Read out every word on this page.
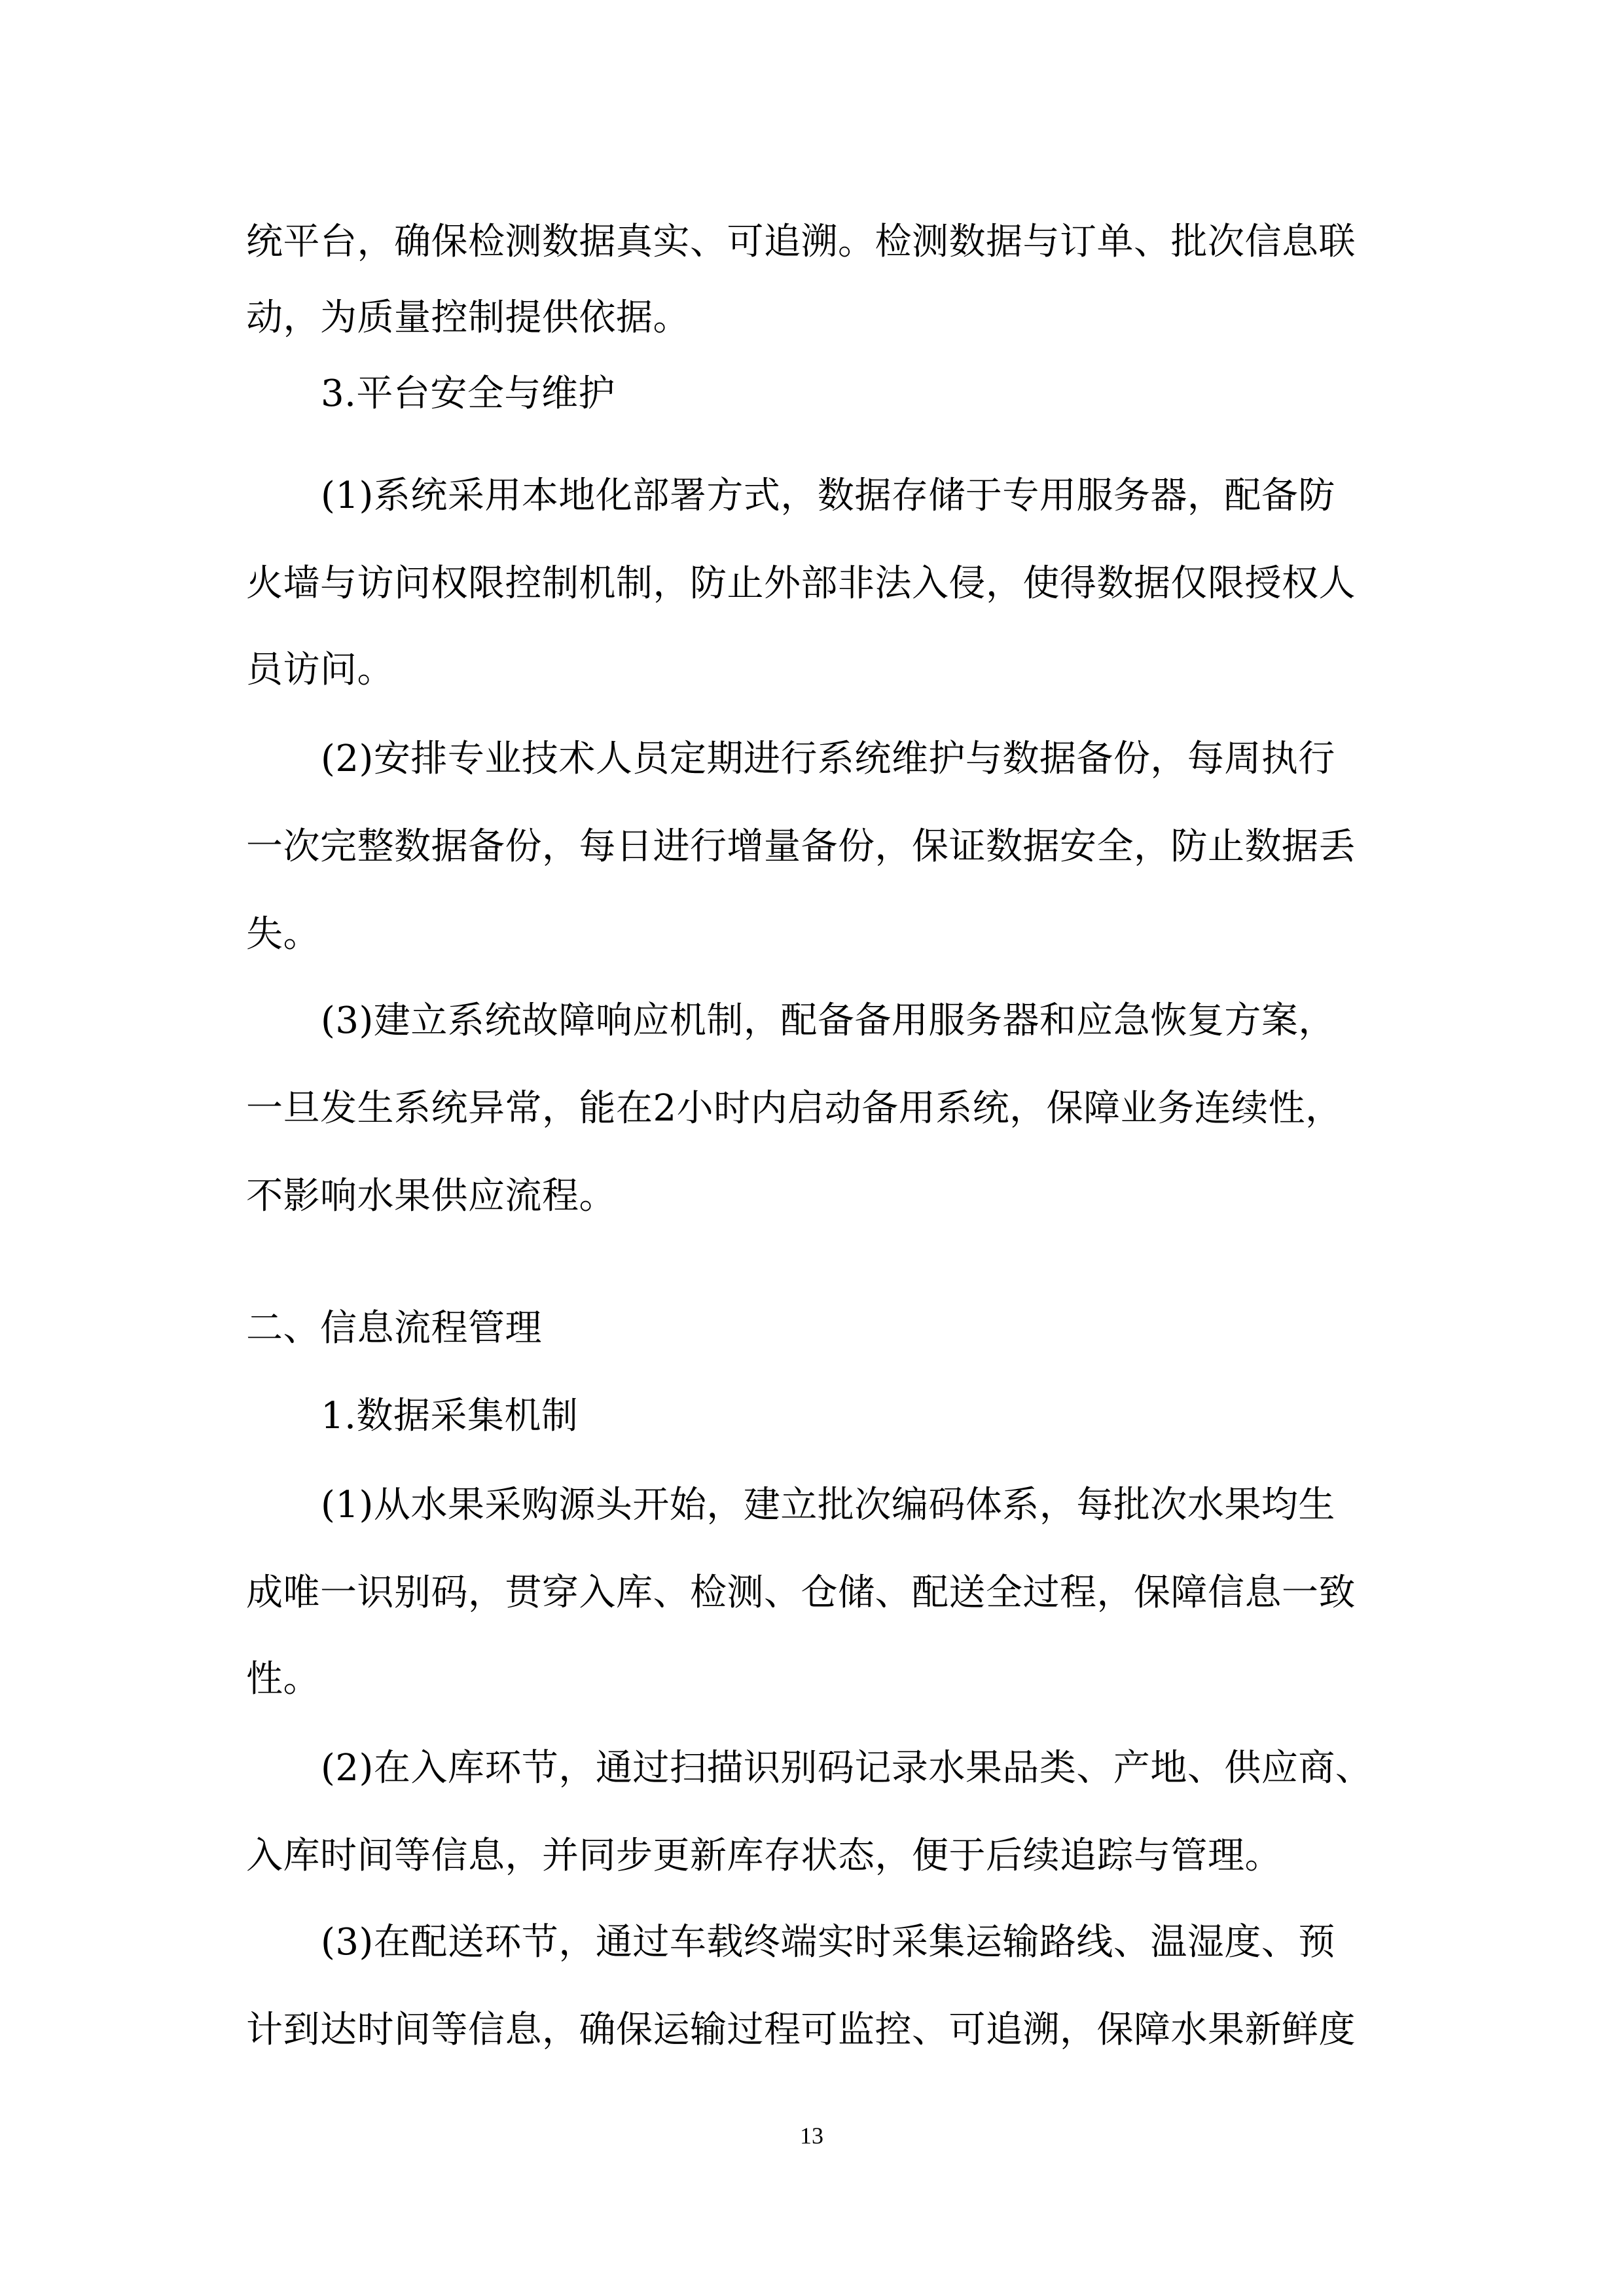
统平台，确保检测数据真实、可追溯。检测数据与订单、批次信息联
动，为质量控制提供依据。
3.平台安全与维护
(1)系统采用本地化部署方式，数据存储于专用服务器，配备防
火墙与访问权限控制机制，防止外部非法入侵，使得数据仅限授权人
员访问。
(2)安排专业技术人员定期进行系统维护与数据备份，每周执行
一次完整数据备份，每日进行增量备份，保证数据安全，防止数据丢
失。
(3)建立系统故障响应机制，配备备用服务器和应急恢复方案，
一旦发生系统异常，能在2小时内启动备用系统，保障业务连续性，
不影响水果供应流程。
二、信息流程管理
1.数据采集机制
(1)从水果采购源头开始，建立批次编码体系，每批次水果均生
成唯一识别码，贯穿入库、检测、仓储、配送全过程，保障信息一致
性。
(2)在入库环节，通过扫描识别码记录水果品类、产地、供应商、
入库时间等信息，并同步更新库存状态，便于后续追踪与管理。
(3)在配送环节，通过车载终端实时采集运输路线、温湿度、预
计到达时间等信息，确保运输过程可监控、可追溯，保障水果新鲜度
13
